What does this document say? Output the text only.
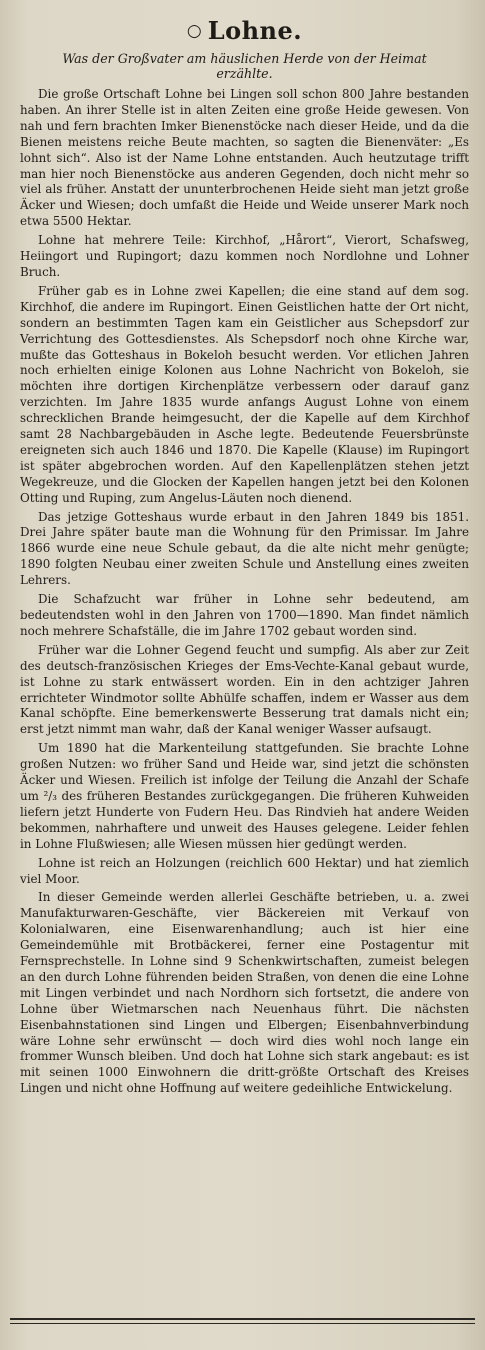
○ Lohne.
Was der Großvater am häuslichen Herde von der Heimat erzählte.

Die große Ortschaft Lohne bei Lingen soll schon 800 Jahre bestanden haben. An ihrer Stelle ist in alten Zeiten eine große Heide gewesen. Von nah und fern brachten Imker Bienenstöcke nach dieser Heide, und da die Bienen meistens reiche Beute machten, so sagten die Bienenväter: „Es lohnt sich“. Also ist der Name Lohne entstanden. Auch heutzutage trifft man hier noch Bienenstöcke aus anderen Gegenden, doch nicht mehr so viel als früher. Anstatt der ununterbrochenen Heide sieht man jetzt große Äcker und Wiesen; doch umfaßt die Heide und Weide unserer Mark noch etwa 5500 Hektar.

Lohne hat mehrere Teile: Kirchhof, „Hårort“, Vierort, Schafsweg, Heiingort und Rupingort; dazu kommen noch Nordlohne und Lohner Bruch.

Früher gab es in Lohne zwei Kapellen; die eine stand auf dem sog. Kirchhof, die andere im Rupingort. Einen Geistlichen hatte der Ort nicht, sondern an bestimmten Tagen kam ein Geistlicher aus Schepsdorf zur Verrichtung des Gottesdienstes. Als Schepsdorf noch ohne Kirche war, mußte das Gotteshaus in Bokeloh besucht werden. Vor etlichen Jahren noch erhielten einige Kolonen aus Lohne Nachricht von Bokeloh, sie möchten ihre dortigen Kirchenplätze verbessern oder darauf ganz verzichten. Im Jahre 1835 wurde anfangs August Lohne von einem schrecklichen Brande heimgesucht, der die Kapelle auf dem Kirchhof samt 28 Nachbargebäuden in Asche legte. Bedeutende Feuersbrünste ereigneten sich auch 1846 und 1870. Die Kapelle (Klause) im Rupingort ist später abgebrochen worden. Auf den Kapellenplätzen stehen jetzt Wegekreuze, und die Glocken der Kapellen hangen jetzt bei den Kolonen Otting und Ruping, zum Angelus-Läuten noch dienend.

Das jetzige Gotteshaus wurde erbaut in den Jahren 1849 bis 1851. Drei Jahre später baute man die Wohnung für den Primissar. Im Jahre 1866 wurde eine neue Schule gebaut, da die alte nicht mehr genügte; 1890 folgten Neubau einer zweiten Schule und Anstellung eines zweiten Lehrers.

Die Schafzucht war früher in Lohne sehr bedeutend, am bedeutendsten wohl in den Jahren von 1700—1890. Man findet nämlich noch mehrere Schafställe, die im Jahre 1702 gebaut worden sind.

Früher war die Lohner Gegend feucht und sumpfig. Als aber zur Zeit des deutsch-französischen Krieges der Ems-Vechte-Kanal gebaut wurde, ist Lohne zu stark entwässert worden. Ein in den achtziger Jahren errichteter Windmotor sollte Abhülfe schaffen, indem er Wasser aus dem Kanal schöpfte. Eine bemerkenswerte Besserung trat damals nicht ein; erst jetzt nimmt man wahr, daß der Kanal weniger Wasser aufsaugt.

Um 1890 hat die Markenteilung stattgefunden. Sie brachte Lohne großen Nutzen: wo früher Sand und Heide war, sind jetzt die schönsten Äcker und Wiesen. Freilich ist infolge der Teilung die Anzahl der Schafe um ²/₃ des früheren Bestandes zurückgegangen. Die früheren Kuhweiden liefern jetzt Hunderte von Fudern Heu. Das Rindvieh hat andere Weiden bekommen, nahrhaftere und unweit des Hauses gelegene. Leider fehlen in Lohne Flußwiesen; alle Wiesen müssen hier gedüngt werden.

Lohne ist reich an Holzungen (reichlich 600 Hektar) und hat ziemlich viel Moor.

In dieser Gemeinde werden allerlei Geschäfte betrieben, u. a. zwei Manufakturwaren-Geschäfte, vier Bäckereien mit Verkauf von Kolonialwaren, eine Eisenwarenhandlung; auch ist hier eine Gemeindemühle mit Brotbäckerei, ferner eine Postagentur mit Fernsprechstelle. In Lohne sind 9 Schenkwirtschaften, zumeist belegen an den durch Lohne führenden beiden Straßen, von denen die eine Lohne mit Lingen verbindet und nach Nordhorn sich fortsetzt, die andere von Lohne über Wietmarschen nach Neuenhaus führt. Die nächsten Eisenbahnstationen sind Lingen und Elbergen; Eisenbahnverbindung wäre Lohne sehr erwünscht — doch wird dies wohl noch lange ein frommer Wunsch bleiben. Und doch hat Lohne sich stark angebaut: es ist mit seinen 1000 Einwohnern die dritt-größte Ortschaft des Kreises Lingen und nicht ohne Hoffnung auf weitere gedeihliche Entwickelung.
